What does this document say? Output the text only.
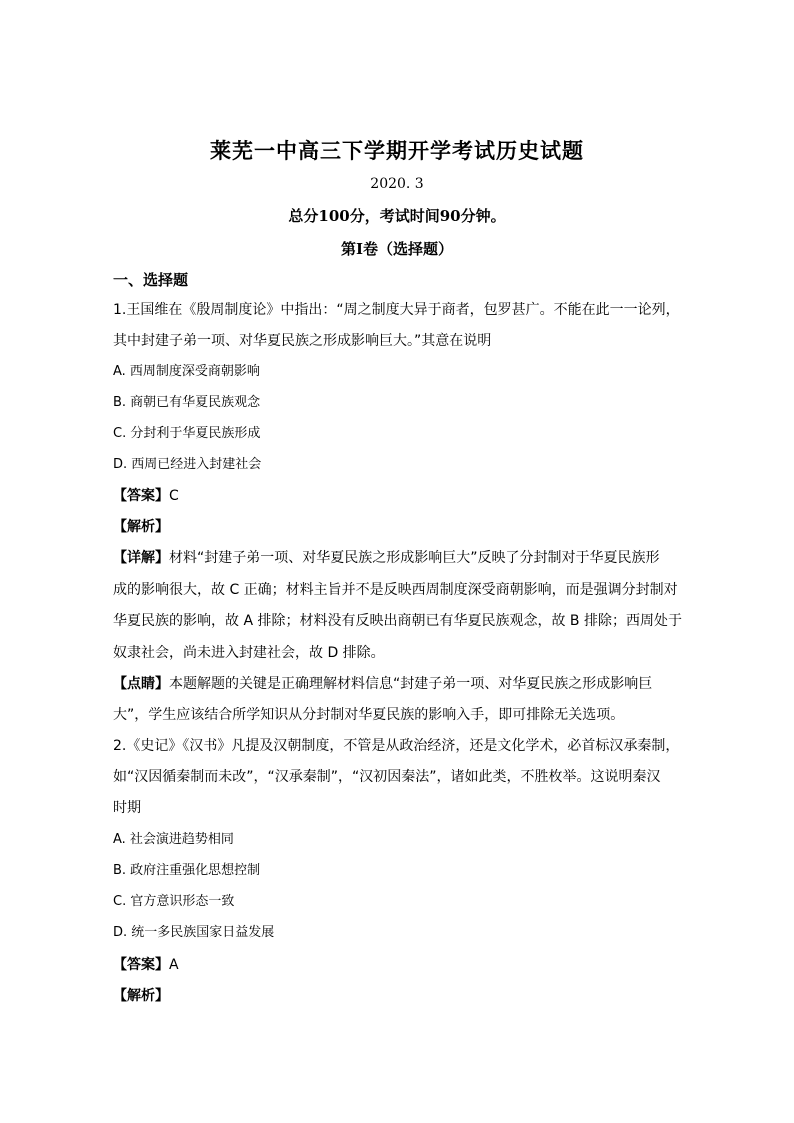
莱芜一中高三下学期开学考试历史试题
2020. 3
总分100分，考试时间90分钟。
第Ⅰ卷（选择题）
一、选择题
1.王国维在《殷周制度论》中指出：“周之制度大异于商者，包罗甚广。不能在此一一论列，
其中封建子弟一项、对华夏民族之形成影响巨大。”其意在说明
A. 西周制度深受商朝影响
B. 商朝已有华夏民族观念
C. 分封利于华夏民族形成
D. 西周已经进入封建社会
【答案】C
【解析】
【详解】材料“封建子弟一项、对华夏民族之形成影响巨大”反映了分封制对于华夏民族形
成的影响很大，故 C 正确；材料主旨并不是反映西周制度深受商朝影响，而是强调分封制对
华夏民族的影响，故 A 排除；材料没有反映出商朝已有华夏民族观念，故 B 排除；西周处于
奴隶社会，尚未进入封建社会，故 D 排除。
【点睛】本题解题的关键是正确理解材料信息“封建子弟一项、对华夏民族之形成影响巨
大”，学生应该结合所学知识从分封制对华夏民族的影响入手，即可排除无关选项。
2.《史记》《汉书》凡提及汉朝制度，不管是从政治经济，还是文化学术，必首标汉承秦制，
如“汉因循秦制而未改”，“汉承秦制”，“汉初因秦法”，诸如此类，不胜枚举。这说明秦汉
时期
A. 社会演进趋势相同
B. 政府注重强化思想控制
C. 官方意识形态一致
D. 统一多民族国家日益发展
【答案】A
【解析】
